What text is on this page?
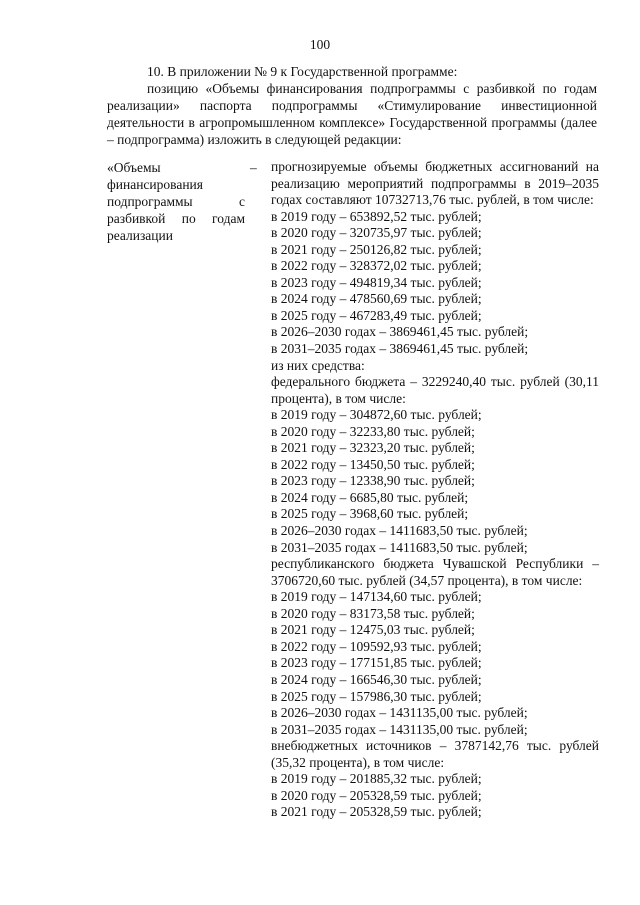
100

10. В приложении № 9 к Государственной программе:

позицию «Объемы финансирования подпрограммы с разбивкой по годам реализации» паспорта подпрограммы «Стимулирование инвестиционной деятельности в агропромышленном комплексе» Государственной программы (далее – подпрограмма) изложить в следующей редакции:

«Объемы финансирования подпрограммы с разбивкой по годам реализации
– прогнозируемые объемы бюджетных ассигнований на реализацию мероприятий подпрограммы в 2019–2035 годах составляют 10732713,76 тыс. рублей, в том числе:
в 2019 году – 653892,52 тыс. рублей;
в 2020 году – 320735,97 тыс. рублей;
в 2021 году – 250126,82 тыс. рублей;
в 2022 году – 328372,02 тыс. рублей;
в 2023 году – 494819,34 тыс. рублей;
в 2024 году – 478560,69 тыс. рублей;
в 2025 году – 467283,49 тыс. рублей;
в 2026–2030 годах – 3869461,45 тыс. рублей;
в 2031–2035 годах – 3869461,45 тыс. рублей;
из них средства:
федерального бюджета – 3229240,40 тыс. рублей (30,11 процента), в том числе:
в 2019 году – 304872,60 тыс. рублей;
в 2020 году – 32233,80 тыс. рублей;
в 2021 году – 32323,20 тыс. рублей;
в 2022 году – 13450,50 тыс. рублей;
в 2023 году – 12338,90 тыс. рублей;
в 2024 году – 6685,80 тыс. рублей;
в 2025 году – 3968,60 тыс. рублей;
в 2026–2030 годах – 1411683,50 тыс. рублей;
в 2031–2035 годах – 1411683,50 тыс. рублей;
республиканского бюджета Чувашской Республики – 3706720,60 тыс. рублей (34,57 процента), в том числе:
в 2019 году – 147134,60 тыс. рублей;
в 2020 году – 83173,58 тыс. рублей;
в 2021 году – 12475,03 тыс. рублей;
в 2022 году – 109592,93 тыс. рублей;
в 2023 году – 177151,85 тыс. рублей;
в 2024 году – 166546,30 тыс. рублей;
в 2025 году – 157986,30 тыс. рублей;
в 2026–2030 годах – 1431135,00 тыс. рублей;
в 2031–2035 годах – 1431135,00 тыс. рублей;
внебюджетных источников – 3787142,76 тыс. рублей (35,32 процента), в том числе:
в 2019 году – 201885,32 тыс. рублей;
в 2020 году – 205328,59 тыс. рублей;
в 2021 году – 205328,59 тыс. рублей;
